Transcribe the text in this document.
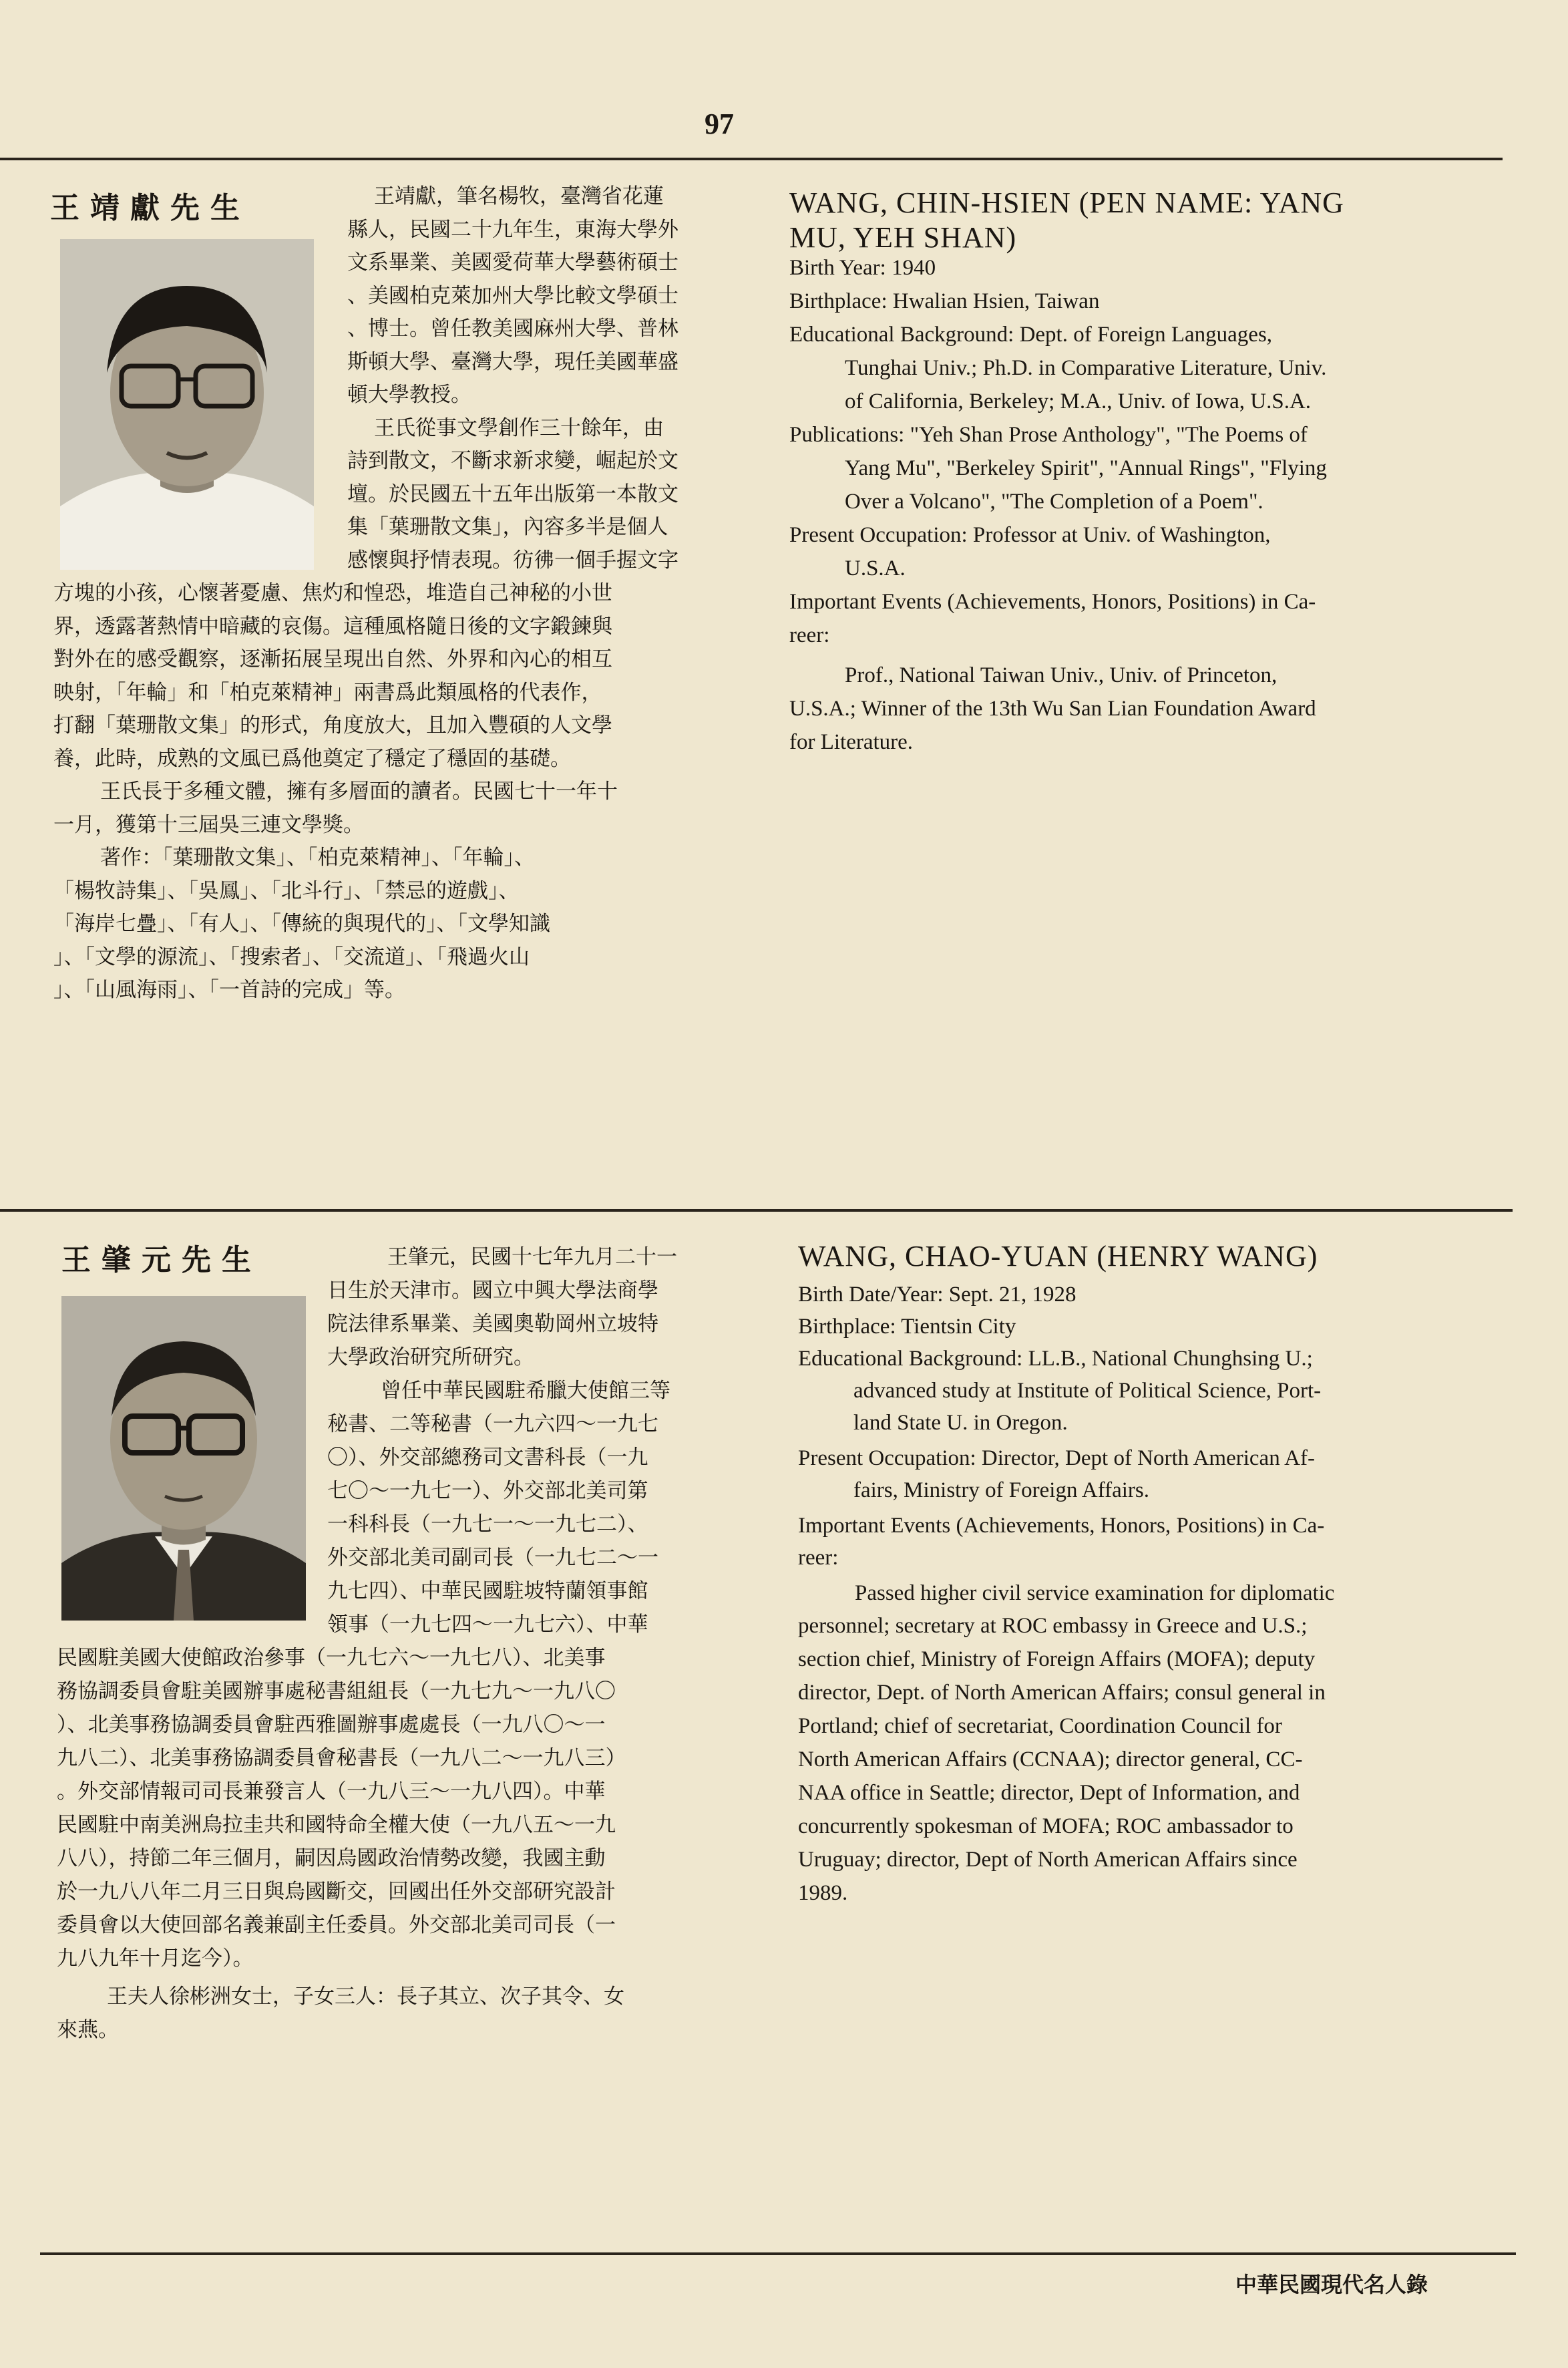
97
王靖獻先生

	王靖獻，筆名楊牧，臺灣省花蓮

縣人，民國二十九年生，東海大學外

文系畢業、美國愛荷華大學藝術碩士

、美國柏克萊加州大學比較文學碩士

、博士。曾任教美國麻州大學、普林

斯頓大學、臺灣大學，現任美國華盛

頓大學教授。

王氏從事文學創作三十餘年，由

詩到散文，不斷求新求變，崛起於文

壇。於民國五十五年出版第一本散文

集「葉珊散文集」，內容多半是個人

感懷與抒情表現。彷彿一個手握文字

方塊的小孩，心懷著憂慮、焦灼和惶恐，堆造自己神秘的小世

界，透露著熱情中暗藏的哀傷。這種風格隨日後的文字鍛鍊與

對外在的感受觀察，逐漸拓展呈現出自然、外界和內心的相互

映射，「年輪」和「柏克萊精神」兩書爲此類風格的代表作，

打翻「葉珊散文集」的形式，角度放大，且加入豐碩的人文學

養，此時，成熟的文風已爲他奠定了穩定了穩固的基礎。

王氏長于多種文體，擁有多層面的讀者。民國七十一年十

一月，獲第十三屆吳三連文學獎。

著作：「葉珊散文集」、「柏克萊精神」、「年輪」、

「楊牧詩集」、「吳鳳」、「北斗行」、「禁忌的遊戲」、

「海岸七疊」、「有人」、「傳統的與現代的」、「文學知識

」、「文學的源流」、「搜索者」、「交流道」、「飛過火山

」、「山風海雨」、「一首詩的完成」等。

WANG, CHIN-HSIEN (PEN NAME: YANG
MU, YEH SHAN)
Birth Year: 1940
Birthplace: Hwalian Hsien, Taiwan
Educational Background: Dept. of Foreign Languages,
Tunghai Univ.; Ph.D. in Comparative Literature, Univ.
of California, Berkeley; M.A., Univ. of Iowa, U.S.A.
Publications: "Yeh Shan Prose Anthology", "The Poems of
Yang Mu", "Berkeley Spirit", "Annual Rings", "Flying
Over a Volcano", "The Completion of a Poem".
Present Occupation: Professor at Univ. of Washington,
U.S.A.
Important Events (Achievements, Honors, Positions) in Ca-
reer:
Prof., National Taiwan Univ., Univ. of Princeton,
U.S.A.; Winner of the 13th Wu San Lian Foundation Award
for Literature.
王肇元先生

	王肇元，民國十七年九月二十一

日生於天津市。國立中興大學法商學

院法律系畢業、美國奧勒岡州立坡特

大學政治研究所研究。

曾任中華民國駐希臘大使館三等

秘書、二等秘書（一九六四～一九七

〇）、外交部總務司文書科長（一九

七〇～一九七一）、外交部北美司第

一科科長（一九七一～一九七二）、

外交部北美司副司長（一九七二～一

九七四）、中華民國駐坡特蘭領事館

領事（一九七四～一九七六）、中華

民國駐美國大使館政治參事（一九七六～一九七八）、北美事

務協調委員會駐美國辦事處秘書組組長（一九七九～一九八〇

）、北美事務協調委員會駐西雅圖辦事處處長（一九八〇～一

九八二）、北美事務協調委員會秘書長（一九八二～一九八三）

。外交部情報司司長兼發言人（一九八三～一九八四）。中華

民國駐中南美洲烏拉圭共和國特命全權大使（一九八五～一九

八八），持節二年三個月，嗣因烏國政治情勢改變，我國主動

於一九八八年二月三日與烏國斷交，回國出任外交部研究設計

委員會以大使回部名義兼副主任委員。外交部北美司司長（一

九八九年十月迄今）。

王夫人徐彬洲女士，子女三人：長子其立、次子其令、女

來燕。

WANG, CHAO-YUAN (HENRY WANG)
Birth Date/Year: Sept. 21, 1928
Birthplace: Tientsin City
Educational Background: LL.B., National Chunghsing U.;
advanced study at Institute of Political Science, Port-
land State U. in Oregon.
Present Occupation: Director, Dept of North American Af-
fairs, Ministry of Foreign Affairs.
Important Events (Achievements, Honors, Positions) in Ca-
reer:
Passed higher civil service examination for diplomatic
personnel; secretary at ROC embassy in Greece and U.S.;
section chief, Ministry of Foreign Affairs (MOFA); deputy
director, Dept. of North American Affairs; consul general in
Portland; chief of secretariat, Coordination Council for
North American Affairs (CCNAA); director general, CC-
NAA office in Seattle; director, Dept of Information, and
concurrently spokesman of MOFA; ROC ambassador to
Uruguay; director, Dept of North American Affairs since
1989.
中華民國現代名人錄
